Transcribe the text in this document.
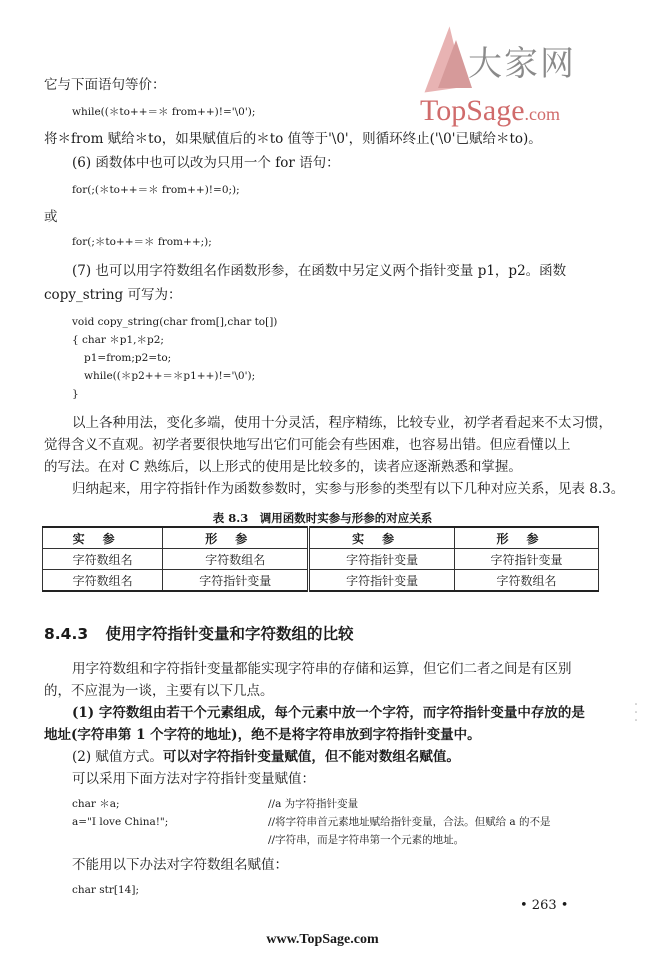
大家网
TopSage.com
它与下面语句等价：
while((＊to++＝＊ from++)!='\0');
将＊from 赋给＊to，如果赋值后的＊to 值等于'\0'，则循环终止('\0'已赋给＊to)。
(6) 函数体中也可以改为只用一个 for 语句：
for(;(＊to++＝＊ from++)!=0;);
或
for(;＊to++＝＊ from++;);
(7) 也可以用字符数组名作函数形参，在函数中另定义两个指针变量 p1，p2。函数
copy_string 可写为：
void copy_string(char from[],char to[])
{ char ＊p1,＊p2;
p1=from;p2=to;
while((＊p2++＝＊p1++)!='\0');
}
以上各种用法，变化多端，使用十分灵活，程序精练，比较专业，初学者看起来不太习惯，
觉得含义不直观。初学者要很快地写出它们可能会有些困难，也容易出错。但应看懂以上
的写法。在对 C 熟练后，以上形式的使用是比较多的，读者应逐渐熟悉和掌握。
归纳起来，用字符指针作为函数参数时，实参与形参的类型有以下几种对应关系，见表 8.3。
表 8.3　调用函数时实参与形参的对应关系
实参	形参	实参	形参
字符数组名	字符数组名	字符指针变量	字符指针变量
字符数组名	字符指针变量	字符指针变量	字符数组名
8.4.3 使用字符指针变量和字符数组的比较
用字符数组和字符指针变量都能实现字符串的存储和运算，但它们二者之间是有区别
的，不应混为一谈，主要有以下几点。
(1) 字符数组由若干个元素组成，每个元素中放一个字符，而字符指针变量中存放的是
地址(字符串第 1 个字符的地址)，绝不是将字符串放到字符指针变量中。
(2) 赋值方式。可以对字符指针变量赋值，但不能对数组名赋值。
可以采用下面方法对字符指针变量赋值：
char ＊a;	//a 为字符指针变量
a="I love China!";	//将字符串首元素地址赋给指针变量，合法。但赋给 a 的不是
//字符串，而是字符串第一个元素的地址。
不能用以下办法对字符数组名赋值：
char str[14];
• 263 •
www.TopSage.com
